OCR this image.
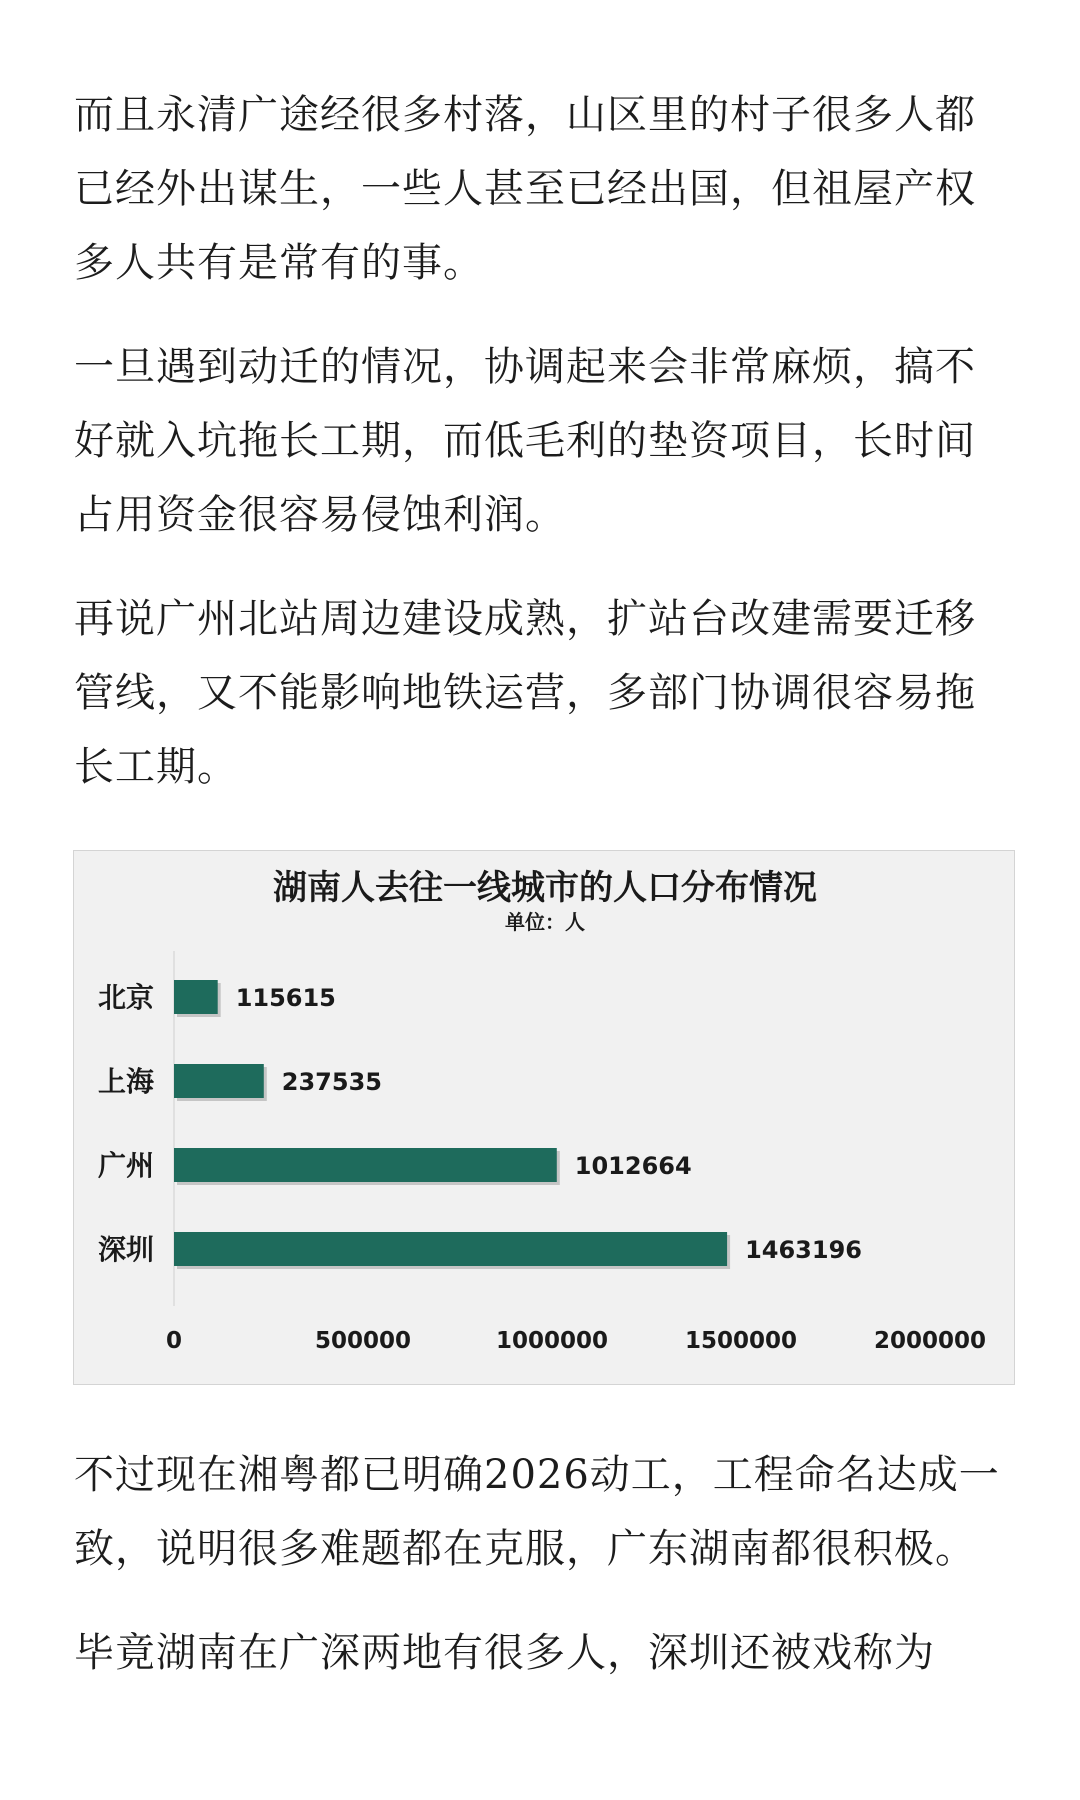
而且永清广途经很多村落，山区里的村子很多人都已经外出谋生，一些人甚至已经出国，但祖屋产权多人共有是常有的事。

一旦遇到动迁的情况，协调起来会非常麻烦，搞不好就入坑拖长工期，而低毛利的垫资项目，长时间占用资金很容易侵蚀利润。

再说广州北站周边建设成熟，扩站台改建需要迁移管线，又不能影响地铁运营，多部门协调很容易拖长工期。

湖南人去往一线城市的人口分布情况
单位：人
北京	115615
上海	237535
广州	1012664
深圳	1463196
0	500000	1000000	1500000	2000000

不过现在湘粤都已明确2026动工，工程命名达成一致，说明很多难题都在克服，广东湖南都很积极。

毕竟湖南在广深两地有很多人，深圳还被戏称为
